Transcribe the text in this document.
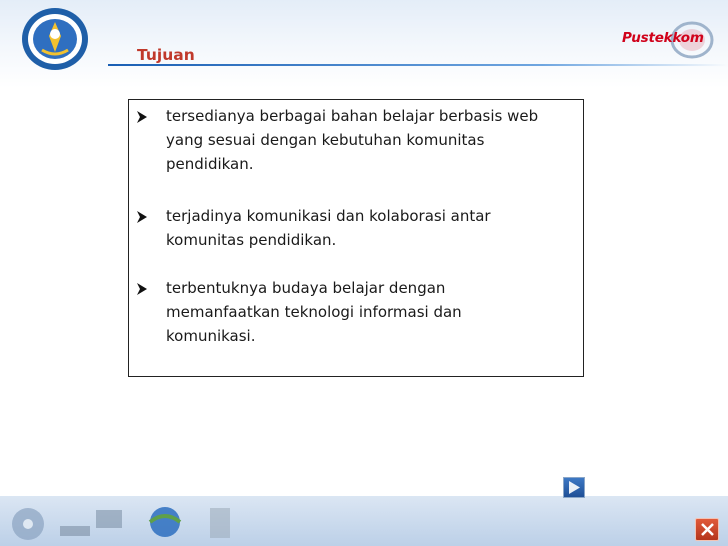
Tujuan
Pustekkom
tersedianya berbagai bahan belajar berbasis web
yang sesuai dengan kebutuhan komunitas
pendidikan.
terjadinya komunikasi dan kolaborasi antar
komunitas pendidikan.
terbentuknya budaya belajar dengan
memanfaatkan teknologi informasi dan
komunikasi.
